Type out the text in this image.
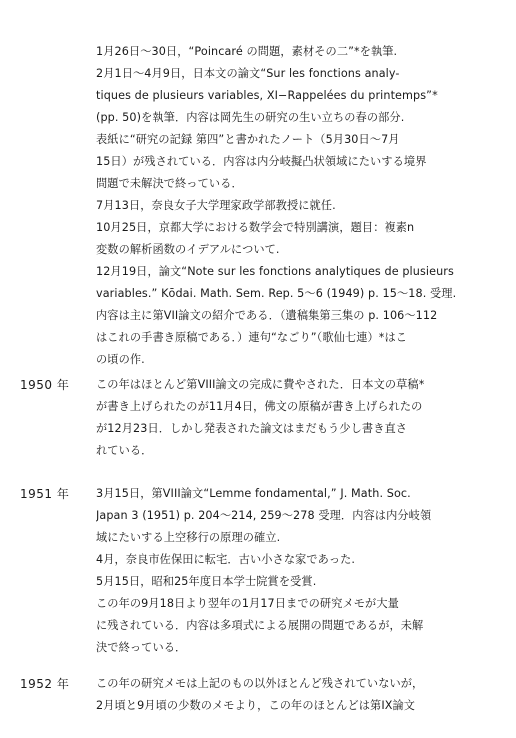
1950 年
1951 年
1952 年
1月26日～30日，“Poincaré の問題，素材その二”*を執筆.
2月1日～4月9日，日本文の論文“Sur les fonctions analy-
tiques de plusieurs variables, XI−Rappelées du printemps”*
(pp. 50)を執筆．内容は岡先生の研究の生い立ちの春の部分.
表紙に“研究の記録 第四”と書かれたノート（5月30日～7月
15日）が残されている．内容は内分岐擬凸状領域にたいする境界
問題で未解決で終っている．
7月13日，奈良女子大学理家政学部教授に就任.
10月25日，京都大学における数学会で特別講演，題目：複素n
変数の解析函数のイデアルについて.
12月19日，論文“Note sur les fonctions analytiques de plusieurs
variables.” Kōdai. Math. Sem. Rep. 5～6 (1949) p. 15～18. 受理.
内容は主に第VII論文の紹介である．（遺稿集第三集の p. 106～112
はこれの手書き原稿である．）連句“なごり”（歌仙七連）*はこ
の頃の作.
この年はほとんど第VIII論文の完成に費やされた．日本文の草稿*
が書き上げられたのが11月4日，佛文の原稿が書き上げられたの
が12月23日．しかし発表された論文はまだもう少し書き直さ
れている．
3月15日，第VIII論文“Lemme fondamental,” J. Math. Soc.
Japan 3 (1951) p. 204～214, 259～278 受理．内容は内分岐領
域にたいする上空移行の原理の確立.
4月，奈良市佐保田に転宅．古い小さな家であった.
5月15日，昭和25年度日本学士院賞を受賞.
この年の9月18日より翌年の1月17日までの研究メモが大量
に残されている．内容は多項式による展開の問題であるが，未解
決で終っている．
この年の研究メモは上記のもの以外ほとんど残されていないが，
2月頃と9月頃の少数のメモより，この年のほとんどは第IX論文
